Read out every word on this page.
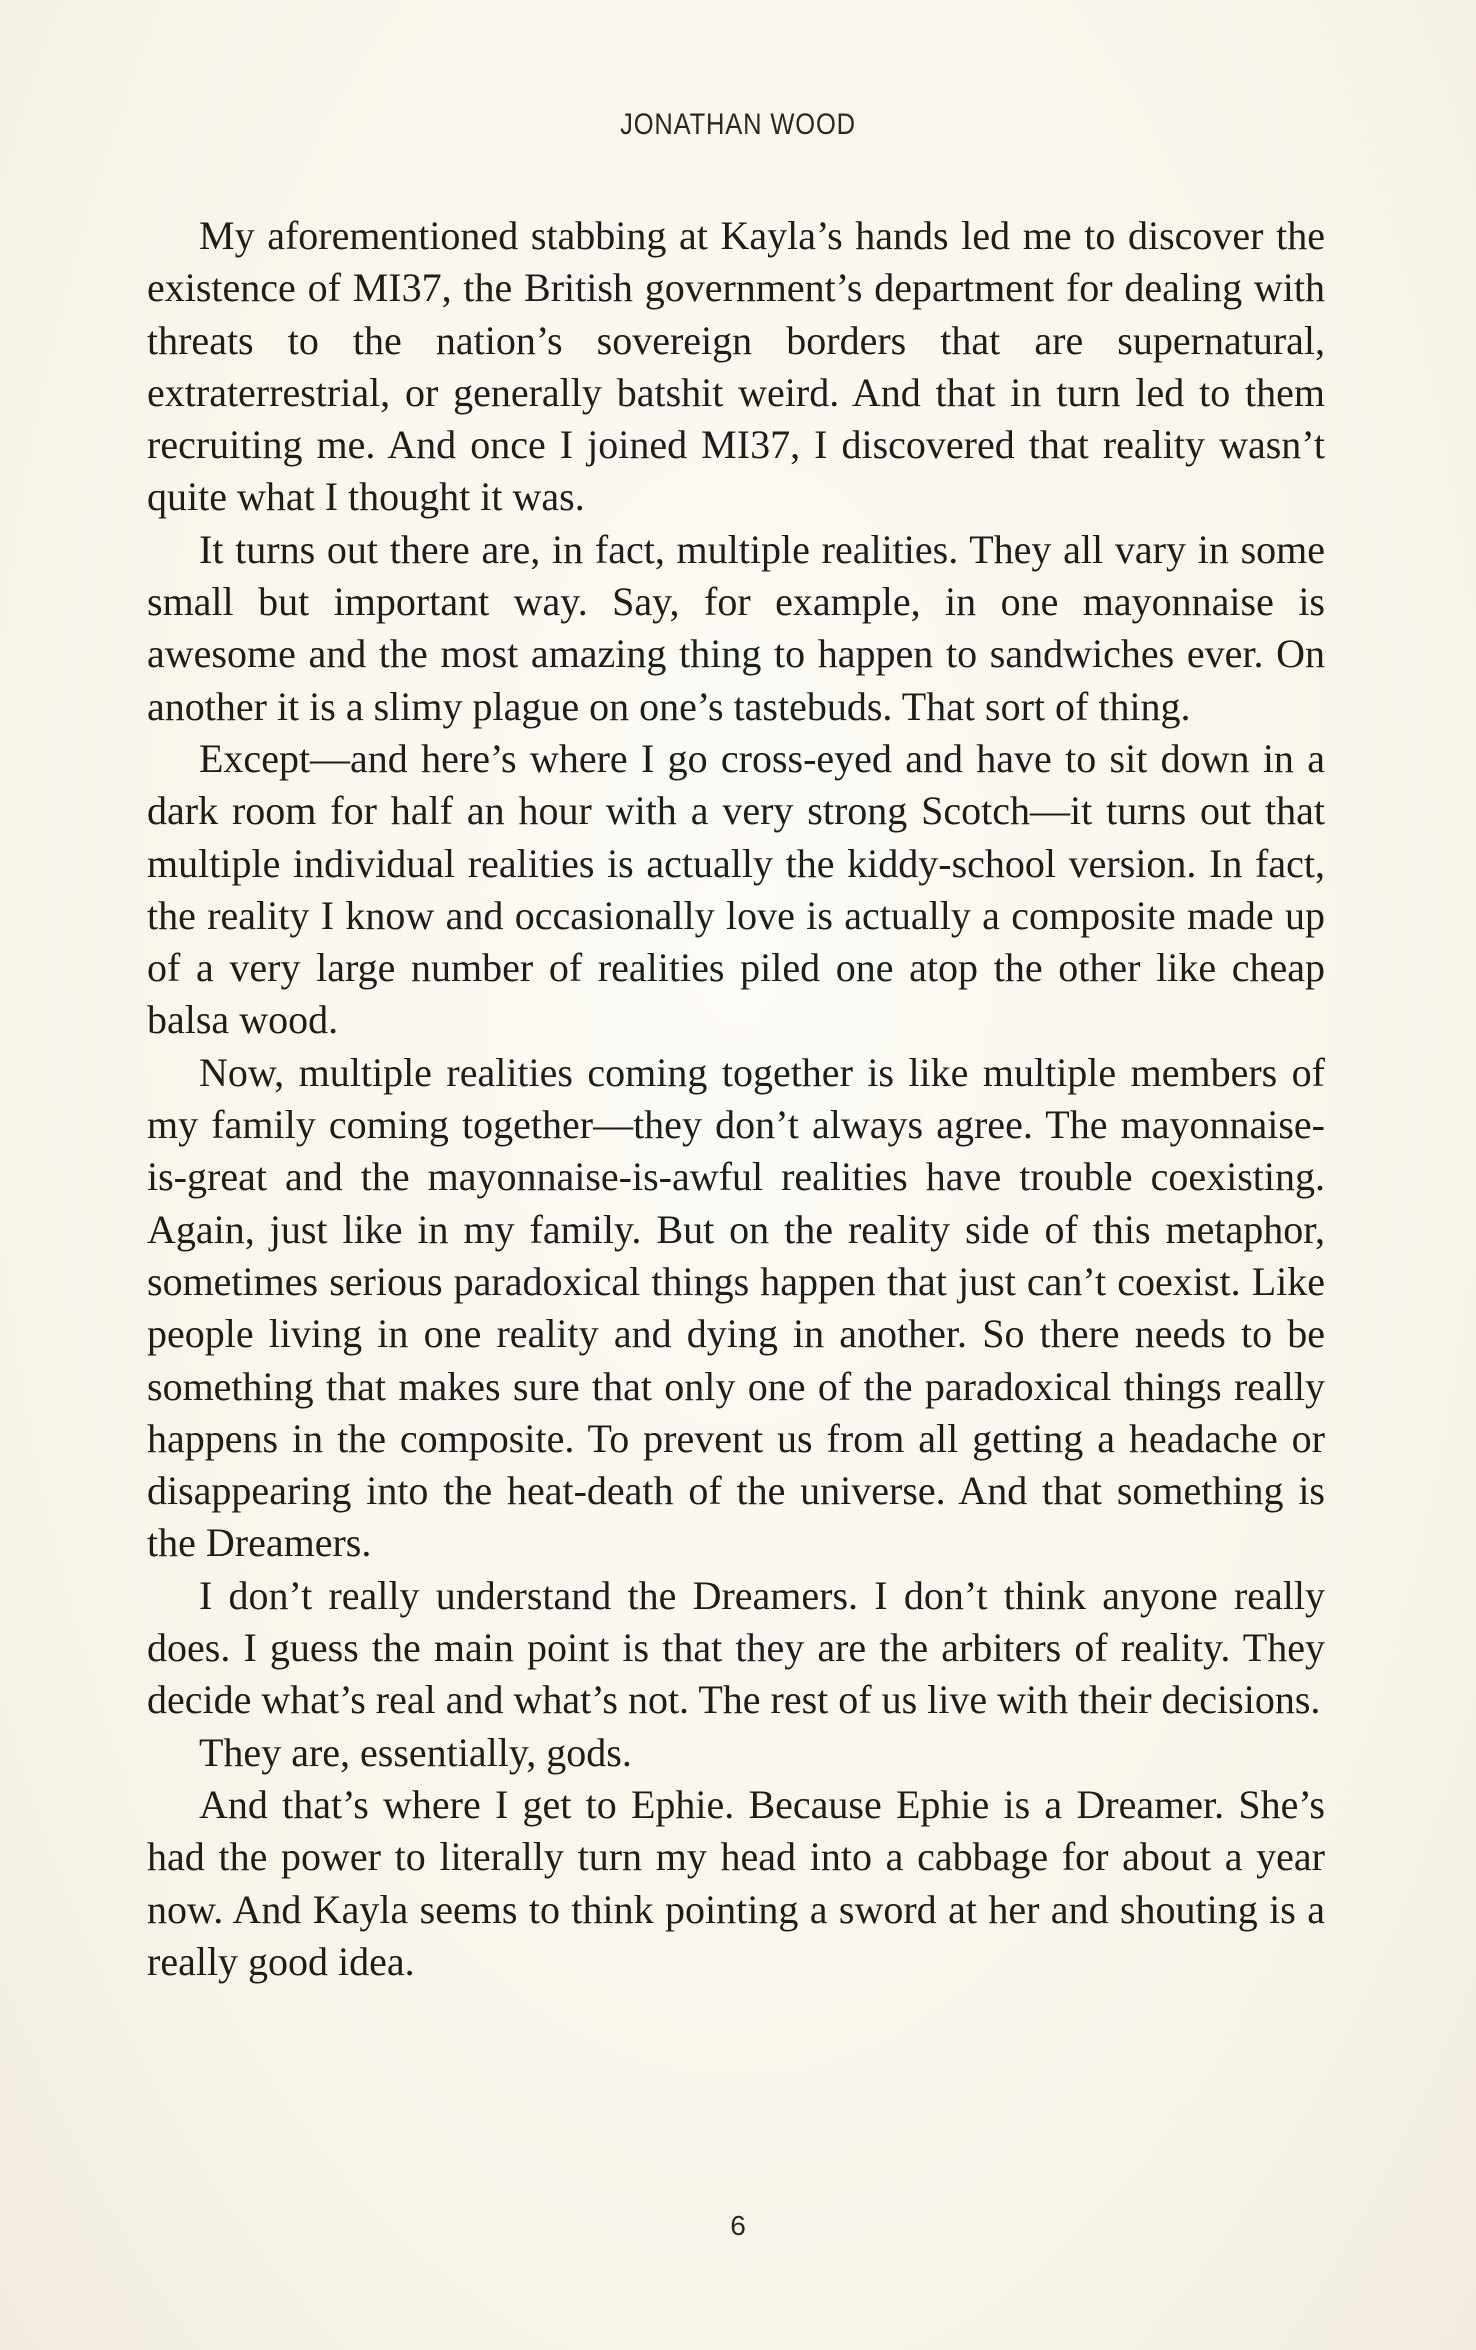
JONATHAN WOOD

My aforementioned stabbing at Kayla’s hands led me to discover the existence of MI37, the British government’s department for dealing with threats to the nation’s sovereign borders that are supernatural, extraterrestrial, or generally batshit weird. And that in turn led to them recruiting me. And once I joined MI37, I discovered that reality wasn’t quite what I thought it was.

It turns out there are, in fact, multiple realities. They all vary in some small but important way. Say, for example, in one mayonnaise is awesome and the most amazing thing to happen to sandwiches ever. On another it is a slimy plague on one’s tastebuds. That sort of thing.

Except—and here’s where I go cross-eyed and have to sit down in a dark room for half an hour with a very strong Scotch—it turns out that multiple individual realities is actually the kiddy-school version. In fact, the reality I know and occasionally love is actually a composite made up of a very large number of realities piled one atop the other like cheap balsa wood.

Now, multiple realities coming together is like multiple members of my family coming together—they don’t always agree. The mayonnaise-is-great and the mayonnaise-is-awful realities have trouble coexisting. Again, just like in my family. But on the reality side of this metaphor, sometimes serious paradoxical things happen that just can’t coexist. Like people living in one reality and dying in another. So there needs to be something that makes sure that only one of the paradoxical things really happens in the composite. To prevent us from all getting a headache or disappearing into the heat-death of the universe. And that something is the Dreamers.

I don’t really understand the Dreamers. I don’t think anyone really does. I guess the main point is that they are the arbiters of reality. They decide what’s real and what’s not. The rest of us live with their decisions.

They are, essentially, gods.

And that’s where I get to Ephie. Because Ephie is a Dreamer. She’s had the power to literally turn my head into a cabbage for about a year now. And Kayla seems to think pointing a sword at her and shouting is a really good idea.

6
